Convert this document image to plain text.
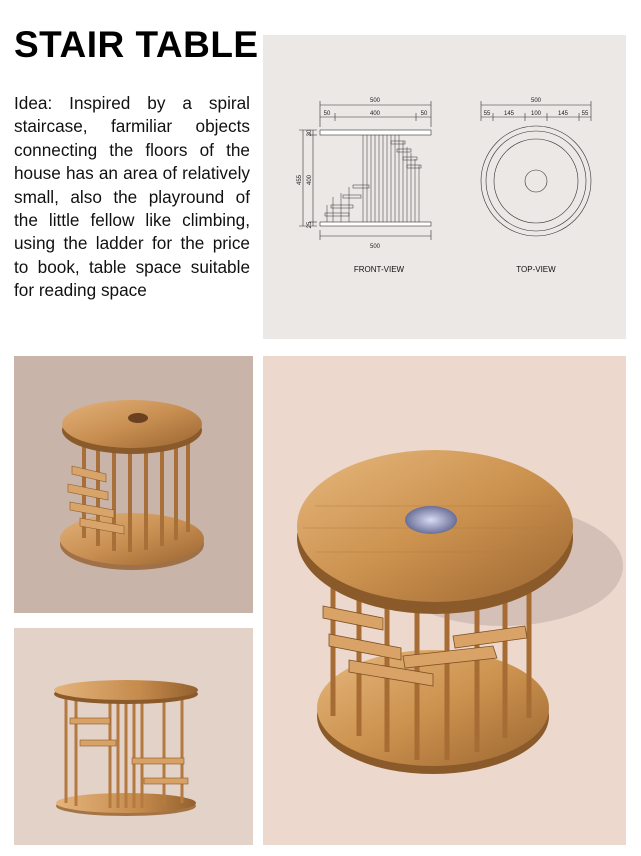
STAIR TABLE

Idea: Inspired by a spiral staircase, farmiliar objects connecting the floors of the house has an area of relatively small, also the playround of the little fellow like climbing, using the ladder for the price to book, table space suitable for reading space

500
50	400	50
455
30
400
25
500
FRONT-VIEW
500
55 145	100	145 55
TOP-VIEW
